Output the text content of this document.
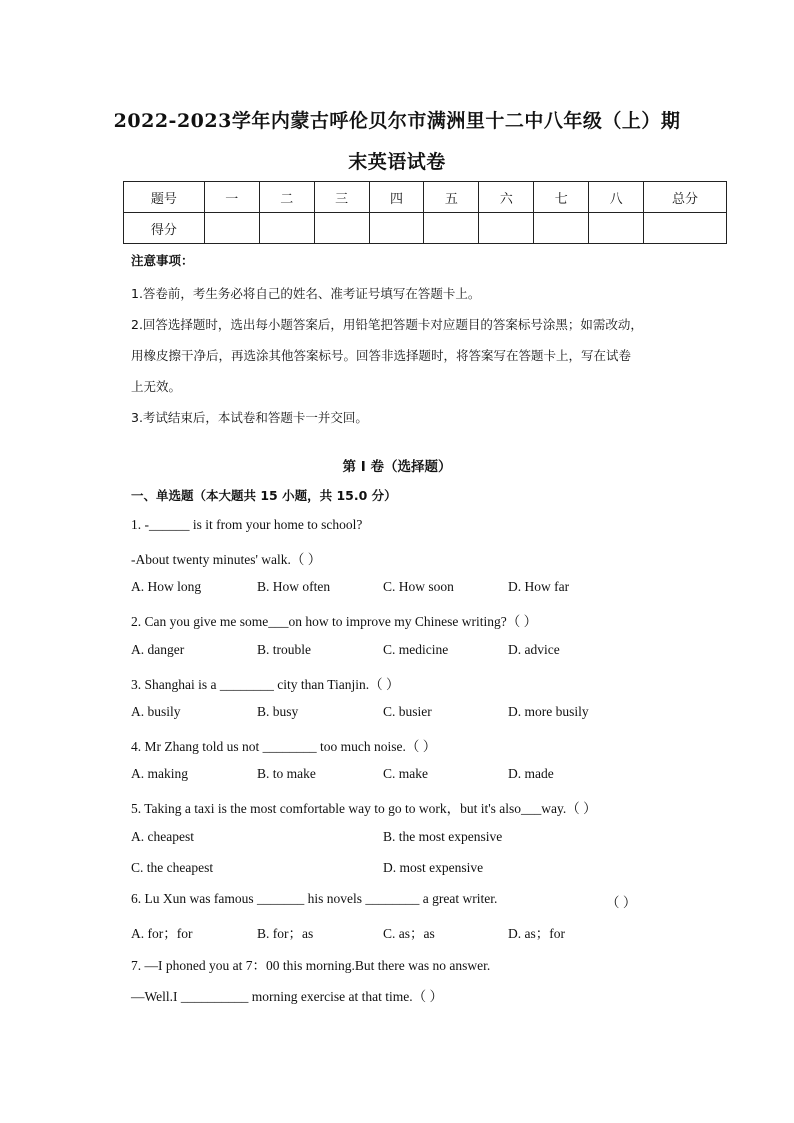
2022-2023学年内蒙古呼伦贝尔市满洲里十二中八年级（上）期
末英语试卷
题号	一	二	三	四	五	六	七	八	总分
得分									
注意事项：
1.答卷前，考生务必将自己的姓名、准考证号填写在答题卡上。
2.回答选择题时，选出每小题答案后，用铅笔把答题卡对应题目的答案标号涂黑；如需改动，
用橡皮擦干净后，再选涂其他答案标号。回答非选择题时，将答案写在答题卡上，写在试卷
上无效。
3.考试结束后，本试卷和答题卡一并交回。
第 I 卷（选择题）
一、单选题（本大题共 15 小题，共 15.0 分）
1. -______ is it from your home to school?
-About twenty minutes' walk.（ ）
A. How long	B. How often	C. How soon	D. How far
2. Can you give me some___on how to improve my Chinese writing?（ ）
A. danger	B. trouble	C. medicine	D. advice
3. Shanghai is a ________ city than Tianjin.（ ）
A. busily	B. busy	C. busier	D. more busily
4. Mr Zhang told us not ________ too much noise.（ ）
A. making	B. to make	C. make	D. made
5. Taking a taxi is the most comfortable way to go to work，but it's also___way.（ ）
A. cheapest	B. the most expensive
C. the cheapest	D. most expensive
6. Lu Xun was famous _______ his novels ________ a great writer.	（ ）
A. for；for	B. for；as	C. as；as	D. as；for
7. —I phoned you at 7：00 this morning.But there was no answer.
—Well.I __________ morning exercise at that time.（ ）
